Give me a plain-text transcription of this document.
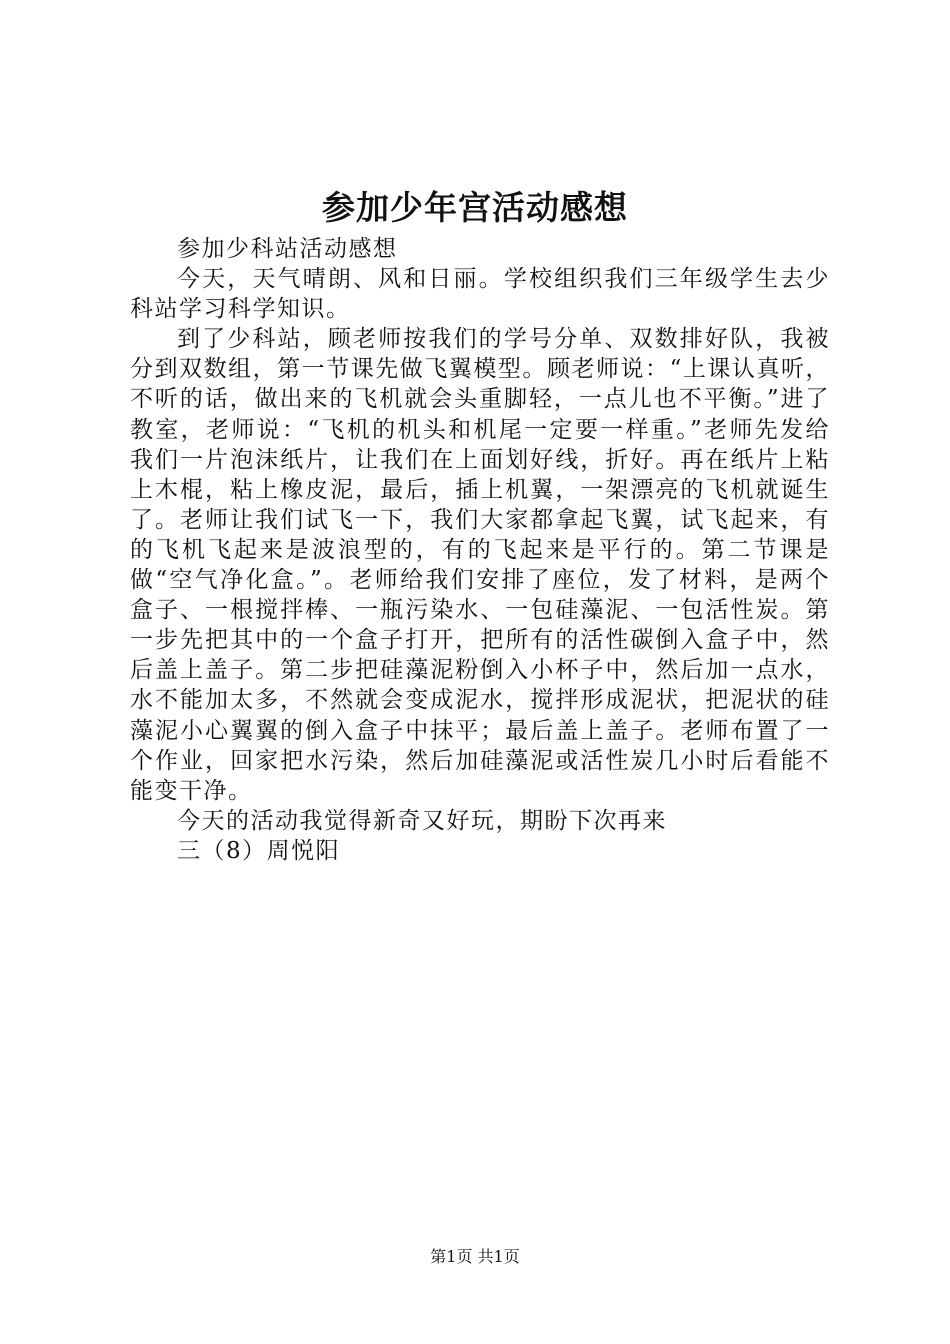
参加少年宫活动感想

参加少科站活动感想

今天，天气晴朗、风和日丽。学校组织我们三年级学生去少科站学习科学知识。

到了少科站，顾老师按我们的学号分单、双数排好队，我被分到双数组，第一节课先做飞翼模型。顾老师说：“上课认真听，不听的话，做出来的飞机就会头重脚轻，一点儿也不平衡。”进了教室，老师说：“飞机的机头和机尾一定要一样重。”老师先发给我们一片泡沫纸片，让我们在上面划好线，折好。再在纸片上粘上木棍，粘上橡皮泥，最后，插上机翼，一架漂亮的飞机就诞生了。老师让我们试飞一下，我们大家都拿起飞翼，试飞起来，有的飞机飞起来是波浪型的，有的飞起来是平行的。第二节课是做“空气净化盒。”。老师给我们安排了座位，发了材料，是两个盒子、一根搅拌棒、一瓶污染水、一包硅藻泥、一包活性炭。第一步先把其中的一个盒子打开，把所有的活性碳倒入盒子中，然后盖上盖子。第二步把硅藻泥粉倒入小杯子中，然后加一点水，水不能加太多，不然就会变成泥水，搅拌形成泥状，把泥状的硅藻泥小心翼翼的倒入盒子中抹平；最后盖上盖子。老师布置了一个作业，回家把水污染，然后加硅藻泥或活性炭几小时后看能不能变干净。

今天的活动我觉得新奇又好玩，期盼下次再来

三（8）周悦阳

第1页 共1页
